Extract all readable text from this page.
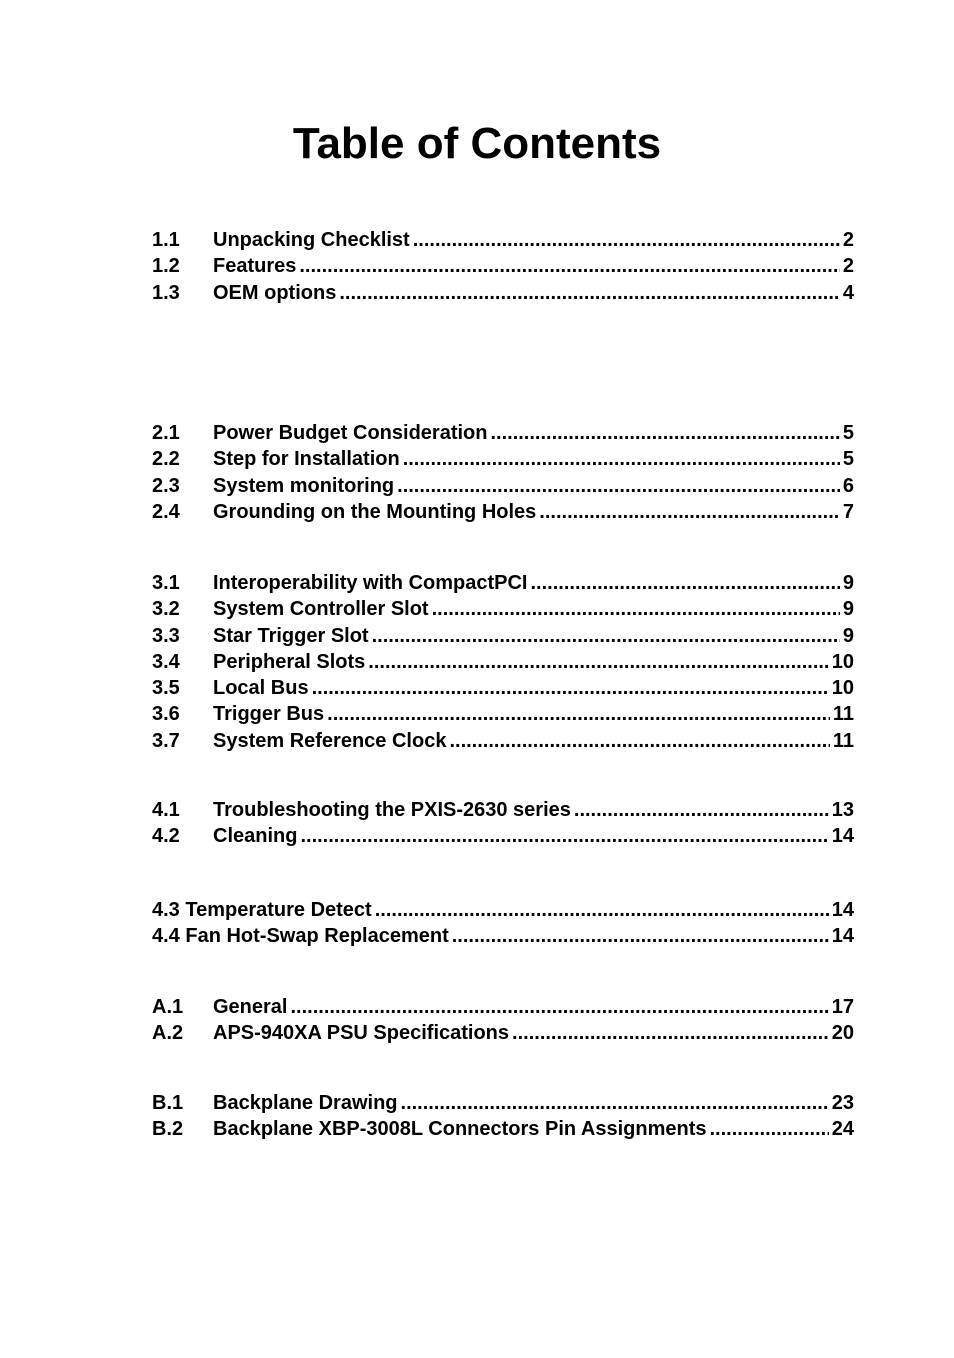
Table of Contents
1.1	Unpacking Checklist .....	2
1.2	Features .....	2
1.3	OEM options .....	4
2.1	Power Budget Consideration .....	5
2.2	Step for Installation .....	5
2.3	System monitoring .....	6
2.4	Grounding on the Mounting Holes .....	7
3.1	Interoperability with CompactPCI .....	9
3.2	System Controller Slot .....	9
3.3	Star Trigger Slot .....	9
3.4	Peripheral Slots .....	10
3.5	Local Bus .....	10
3.6	Trigger Bus .....	11
3.7	System Reference Clock .....	11
4.1	Troubleshooting the PXIS-2630 series .....	13
4.2	Cleaning .....	14
4.3 Temperature Detect .....	14
4.4 Fan Hot-Swap Replacement .....	14
A.1	General .....	17
A.2	APS-940XA PSU Specifications .....	20
B.1	Backplane Drawing .....	23
B.2	Backplane XBP-3008L Connectors Pin Assignments .....	24
